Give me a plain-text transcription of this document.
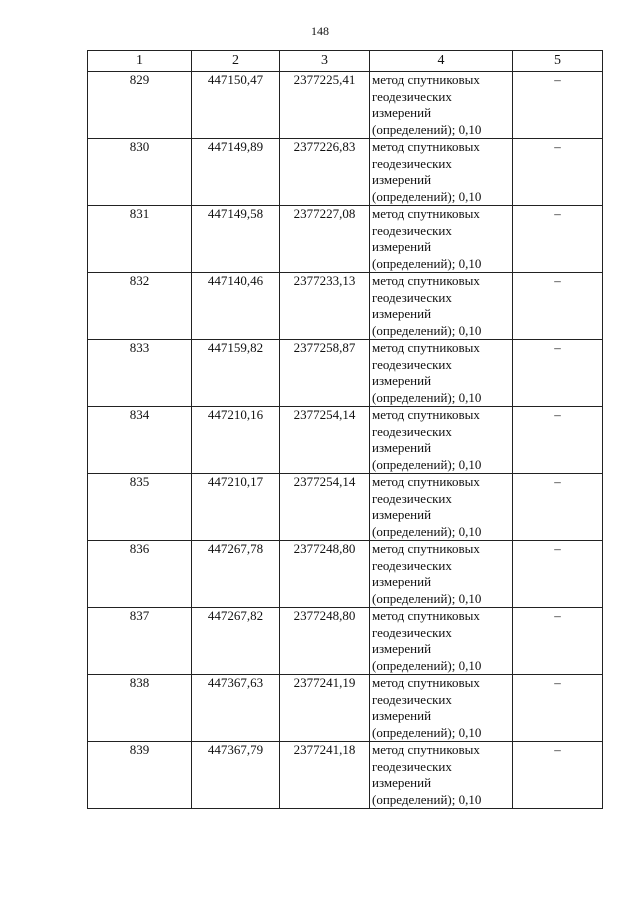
148
1	2	3	4	5
829	447150,47	2377225,41	метод спутниковых геодезических измерений (определений); 0,10	–
830	447149,89	2377226,83	метод спутниковых геодезических измерений (определений); 0,10	–
831	447149,58	2377227,08	метод спутниковых геодезических измерений (определений); 0,10	–
832	447140,46	2377233,13	метод спутниковых геодезических измерений (определений); 0,10	–
833	447159,82	2377258,87	метод спутниковых геодезических измерений (определений); 0,10	–
834	447210,16	2377254,14	метод спутниковых геодезических измерений (определений); 0,10	–
835	447210,17	2377254,14	метод спутниковых геодезических измерений (определений); 0,10	–
836	447267,78	2377248,80	метод спутниковых геодезических измерений (определений); 0,10	–
837	447267,82	2377248,80	метод спутниковых геодезических измерений (определений); 0,10	–
838	447367,63	2377241,19	метод спутниковых геодезических измерений (определений); 0,10	–
839	447367,79	2377241,18	метод спутниковых геодезических измерений (определений); 0,10	–
